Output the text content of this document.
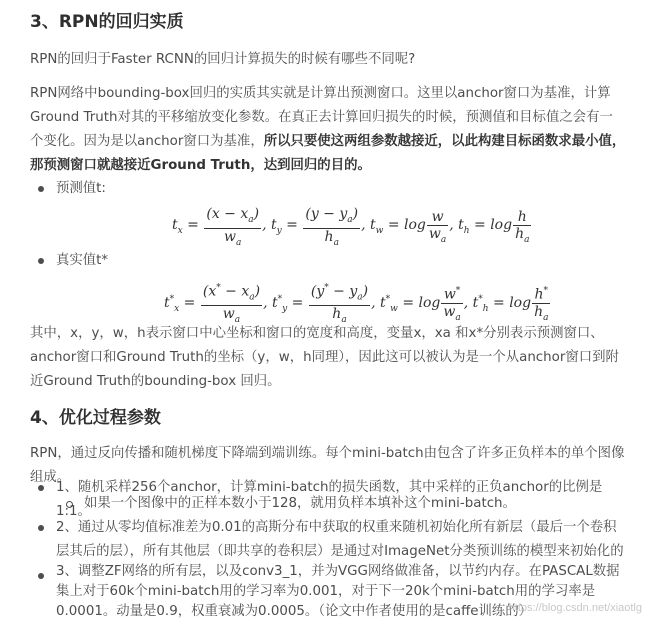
3、RPN的回归实质

RPN的回归于Faster RCNN的回归计算损失的时候有哪些不同呢?

RPN网络中bounding-box回归的实质其实就是计算出预测窗口。这里以anchor窗口为基准，计算Ground Truth对其的平移缩放变化参数。在真正去计算回归损失的时候，预测值和目标值之会有一个变化。因为是以anchor窗口为基准，所以只要使这两组参数越接近，以此构建目标函数求最小值，那预测窗口就越接近Ground Truth，达到回归的目的。

预测值t:

$t_x = \frac{(x - x_a)}{w_a}$ , $t_y = \frac{(y - y_a)}{h_a}$ , $t_w = \log \frac{w}{w_a}$ , $t_h = \log \frac{h}{h_a}$

真实值t*

$t^*_x = \frac{(x^* - x_a)}{w_a}$ , $t^*_y = \frac{(y^* - y_a)}{h_a}$ , $t^*_w = \log \frac{w^*}{w_a}$ , $t^*_h = \log \frac{h^*}{h_a}$

其中，x，y，w，h表示窗口中心坐标和窗口的宽度和高度，变量x，xa 和x*分别表示预测窗口、anchor窗口和Ground Truth的坐标（y，w，h同理），因此这可以被认为是一个从anchor窗口到附近Ground Truth的bounding-box 回归。

4、优化过程参数

RPN，通过反向传播和随机梯度下降端到端训练。每个mini-batch由包含了许多正负样本的单个图像组成。

1、随机采样256个anchor，计算mini-batch的损失函数，其中采样的正负anchor的比例是1:1。

如果一个图像中的正样本数小于128，就用负样本填补这个mini-batch。

2、通过从零均值标准差为0.01的高斯分布中获取的权重来随机初始化所有新层（最后一个卷积层其后的层），所有其他层（即共享的卷积层）是通过对ImageNet分类预训练的模型来初始化的

3、调整ZF网络的所有层，以及conv3_1，并为VGG网络做准备，以节约内存。在PASCAL数据集上对于60k个mini-batch用的学习率为0.001，对于下一20k个mini-batch用的学习率是0.0001。动量是0.9，权重衰减为0.0005。（论文中作者使用的是caffe训练的）

https://blog.csdn.net/xiaotlg
